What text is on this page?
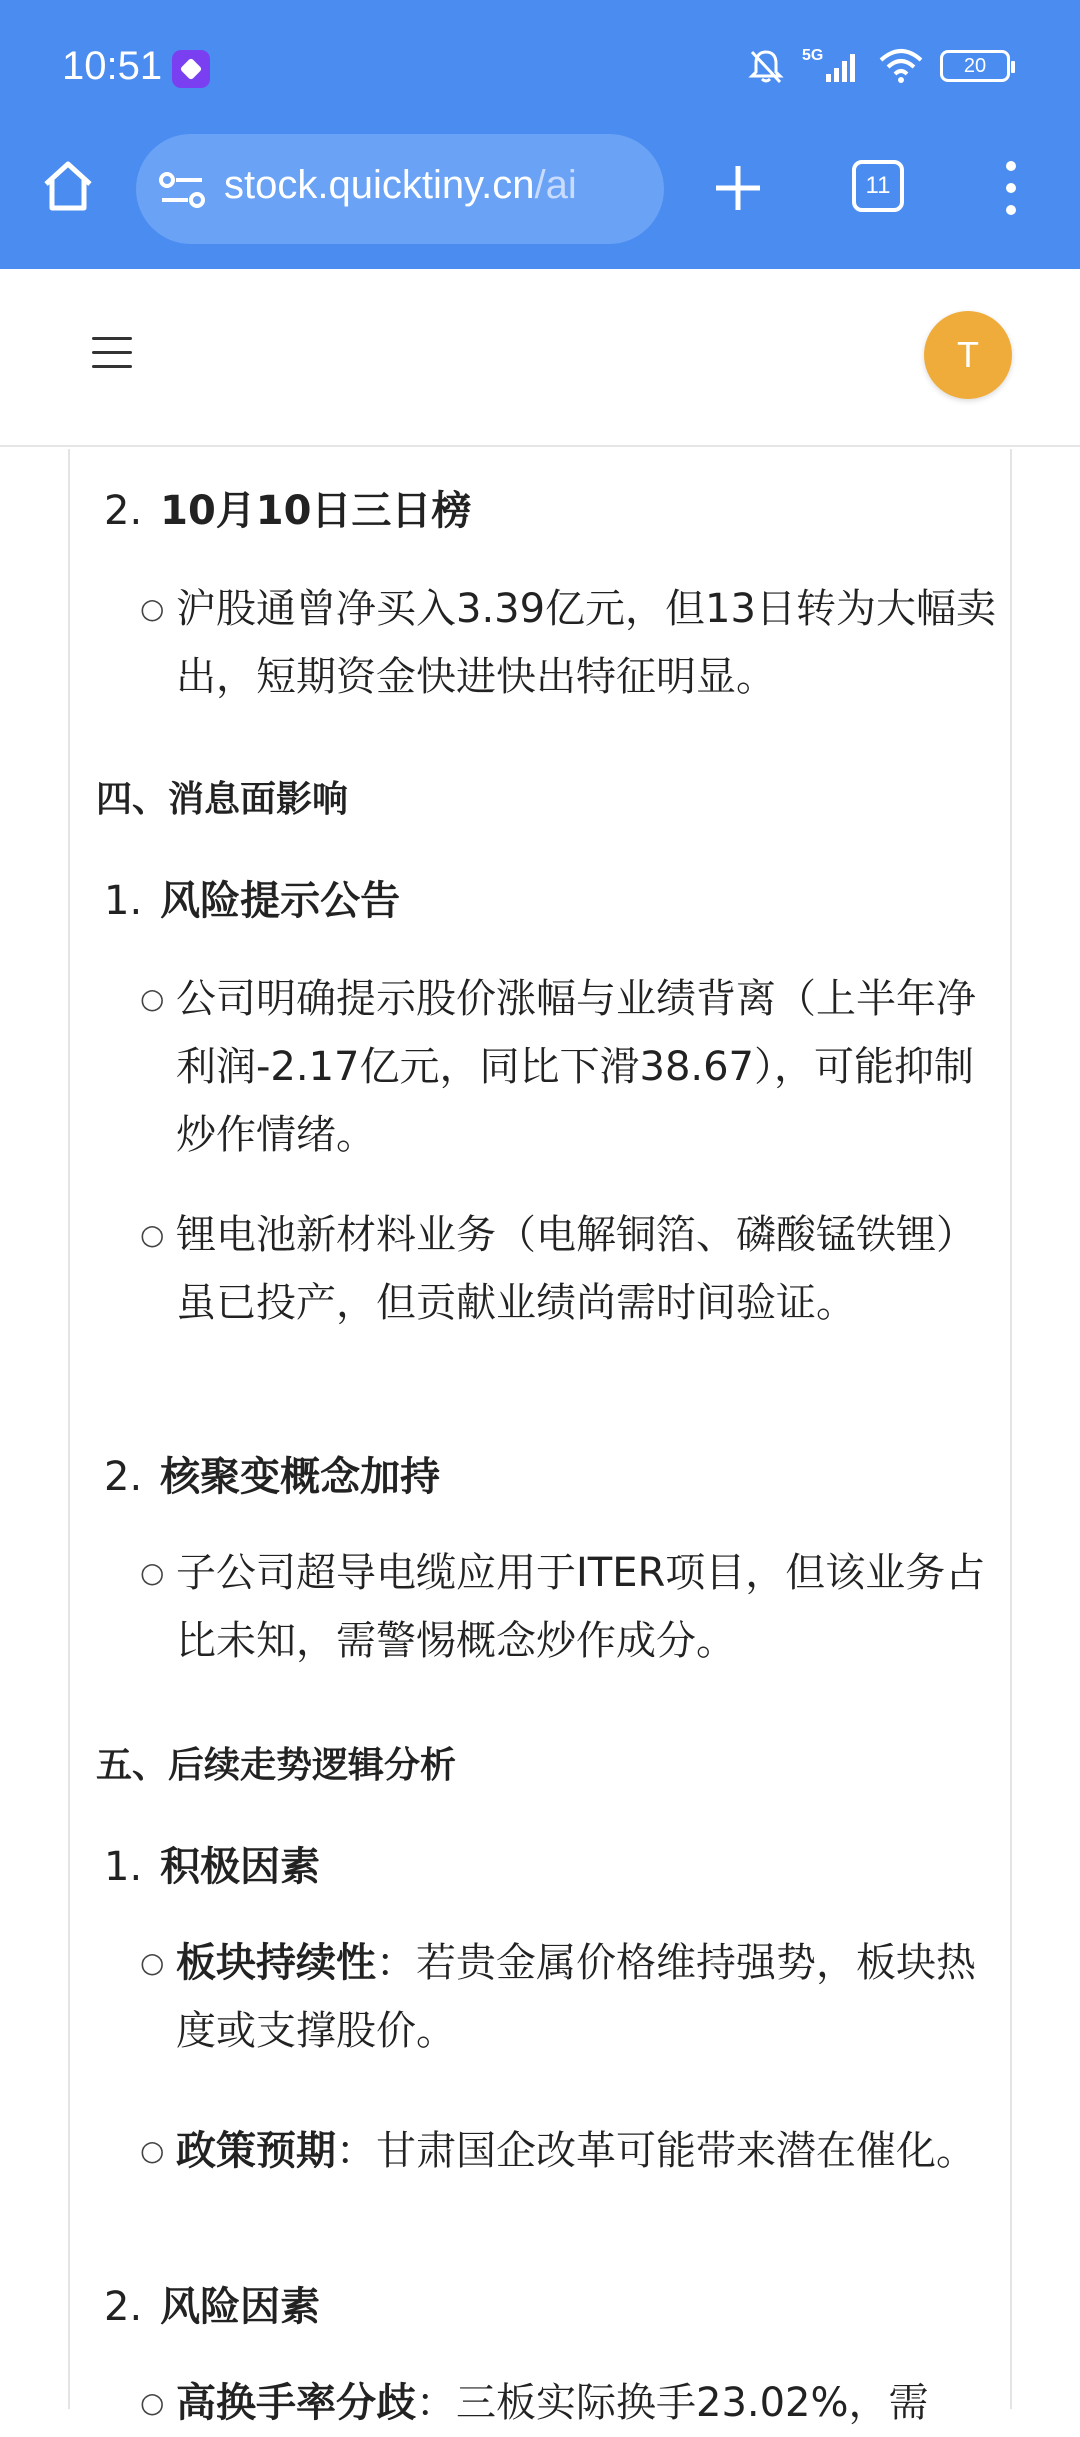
10:51	5G	20
stock.quicktiny.cn/ai	11
T
2. 10月10日三日榜
○ 沪股通曾净买入3.39亿元，但13日转为大幅卖出，短期资金快进快出特征明显。
四、消息面影响
1. 风险提示公告
○ 公司明确提示股价涨幅与业绩背离（上半年净利润-2.17亿元，同比下滑38.67），可能抑制炒作情绪。
○ 锂电池新材料业务（电解铜箔、磷酸锰铁锂）虽已投产，但贡献业绩尚需时间验证。
2. 核聚变概念加持
○ 子公司超导电缆应用于ITER项目，但该业务占比未知，需警惕概念炒作成分。
五、后续走势逻辑分析
1. 积极因素
○ 板块持续性：若贵金属价格维持强势，板块热度或支撑股价。
○ 政策预期：甘肃国企改革可能带来潜在催化。
2. 风险因素
○ 高换手率分歧：三板实际换手23.02%，需
